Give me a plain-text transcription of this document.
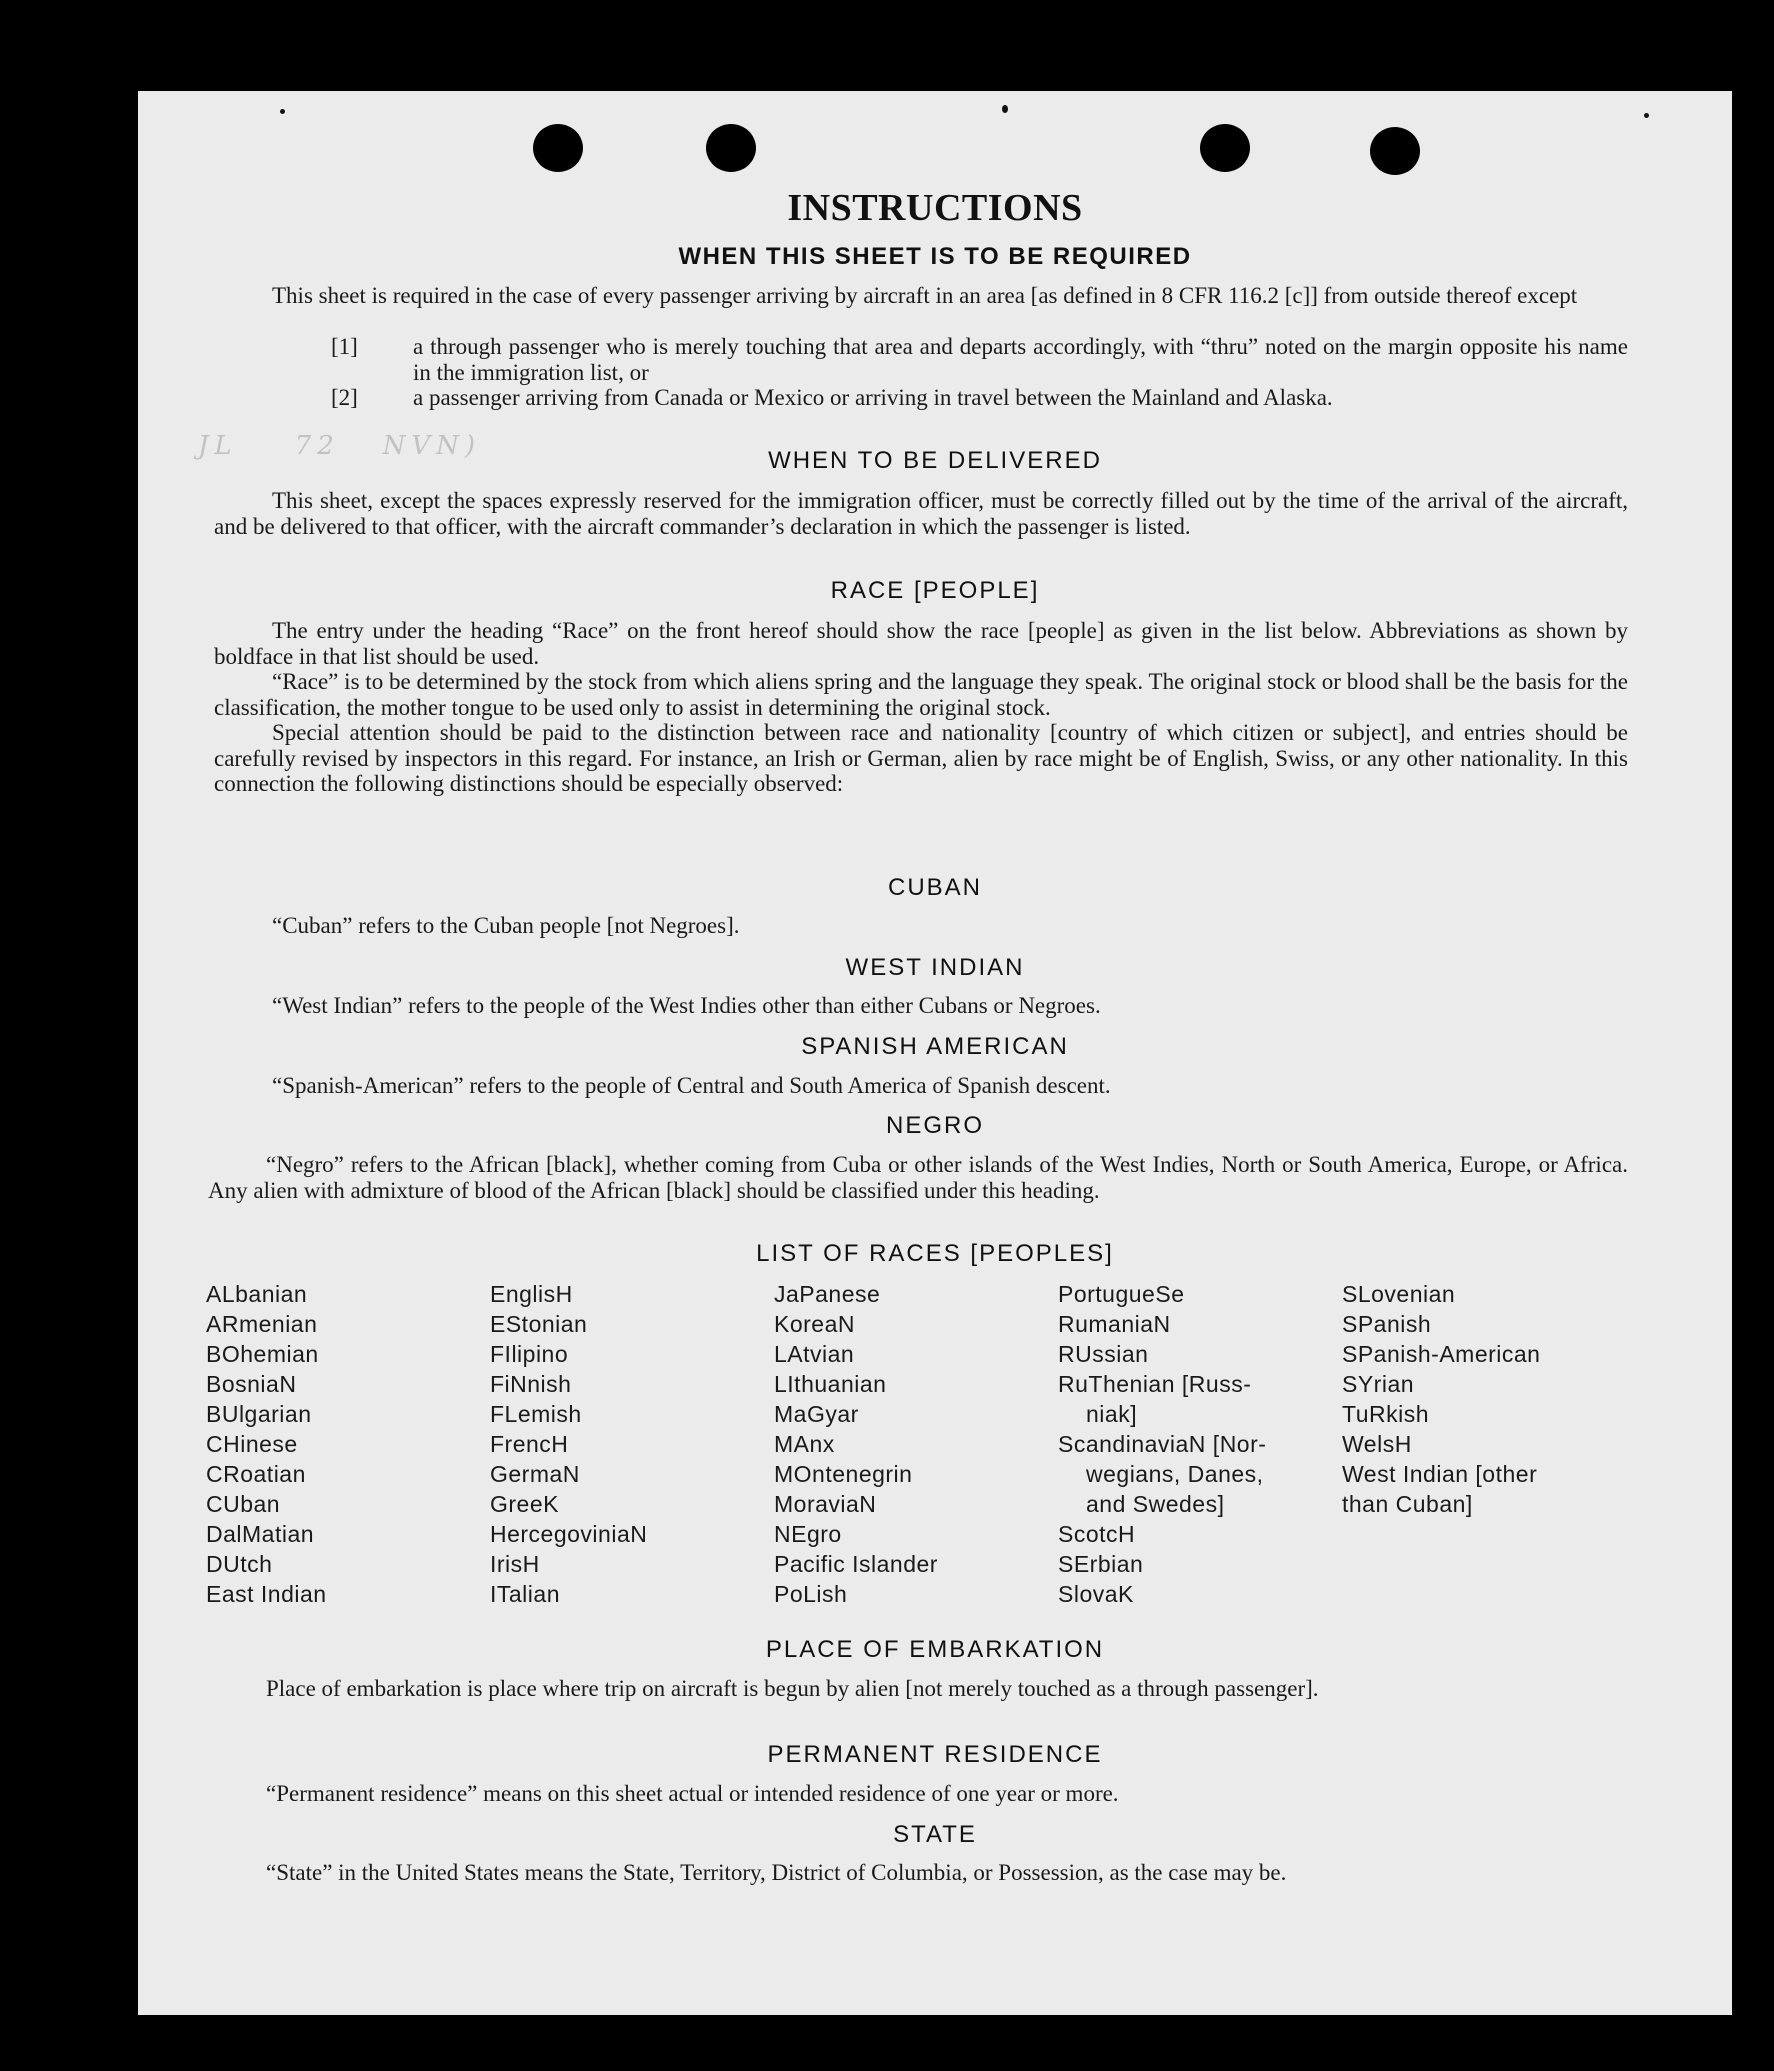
JL    72   NVN)
INSTRUCTIONS
WHEN THIS SHEET IS TO BE REQUIRED

This sheet is required in the case of every passenger arriving by aircraft in an area [as defined in 8 CFR 116.2 [c]] from outside thereof except

[1] a through passenger who is merely touching that area and departs accordingly, with “thru” noted on the margin opposite his name in the immigration list, or
[2] a passenger arriving from Canada or Mexico or arriving in travel between the Mainland and Alaska.
WHEN TO BE DELIVERED

This sheet, except the spaces expressly reserved for the immigration officer, must be correctly filled out by the time of the arrival of the aircraft, and be delivered to that officer, with the aircraft commander’s declaration in which the passenger is listed.

RACE [PEOPLE]

The entry under the heading “Race” on the front hereof should show the race [people] as given in the list below. Abbreviations as shown by boldface in that list should be used.

“Race” is to be determined by the stock from which aliens spring and the language they speak. The original stock or blood shall be the basis for the classification, the mother tongue to be used only to assist in determining the original stock.

Special attention should be paid to the distinction between race and nationality [country of which citizen or subject], and entries should be carefully revised by inspectors in this regard. For instance, an Irish or German, alien by race might be of English, Swiss, or any other nationality. In this connection the following distinctions should be especially observed:

CUBAN

“Cuban” refers to the Cuban people [not Negroes].

WEST INDIAN

“West Indian” refers to the people of the West Indies other than either Cubans or Negroes.

SPANISH AMERICAN

“Spanish-American” refers to the people of Central and South America of Spanish descent.

NEGRO

“Negro” refers to the African [black], whether coming from Cuba or other islands of the West Indies, North or South America, Europe, or Africa. Any alien with admixture of blood of the African [black] should be classified under this heading.

LIST OF RACES [PEOPLES]
ALbanian
ARmenian
BOhemian
BosniaN
BUlgarian
CHinese
CRoatian
CUban
DalMatian
DUtch
East Indian
EnglisH
EStonian
FIlipino
FiNnish
FLemish
FrencH
GermaN
GreeK
HercegoviniaN
IrisH
ITalian
JaPanese
KoreaN
LAtvian
LIthuanian
MaGyar
MAnx
MOntenegrin
MoraviaN
NEgro
Pacific Islander
PoLish
PortugueSe
RumaniaN
RUssian
RuThenian [Russ-
niak]
ScandinaviaN [Nor-
wegians, Danes,
and Swedes]
ScotcH
SErbian
SlovaK
SLovenian
SPanish
SPanish-American
SYrian
TuRkish
WelsH
West Indian [other
than Cuban]
PLACE OF EMBARKATION

Place of embarkation is place where trip on aircraft is begun by alien [not merely touched as a through passenger].

PERMANENT RESIDENCE

“Permanent residence” means on this sheet actual or intended residence of one year or more.

STATE

“State” in the United States means the State, Territory, District of Columbia, or Possession, as the case may be.
